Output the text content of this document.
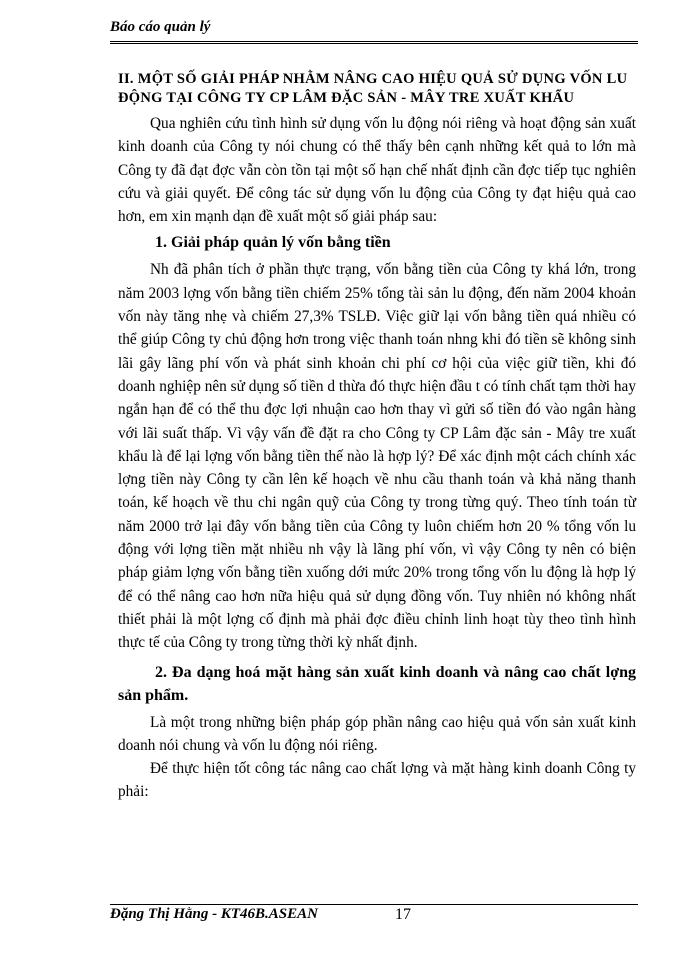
Báo cáo quản lý
II. MỘT SỐ GIẢI PHÁP NHẰM NÂNG CAO HIỆU QUẢ SỬ DỤNG VỐN LU ĐỘNG TẠI CÔNG TY CP LÂM ĐẶC SẢN - MÂY TRE XUẤT KHẨU

Qua nghiên cứu tình hình sử dụng vốn lu động nói riêng và hoạt động sản xuất kinh doanh của Công ty nói chung có thể thấy bên cạnh những kết quả to lớn mà Công ty đã đạt đợc vẫn còn tồn tại một số hạn chế nhất định cần đợc tiếp tục nghiên cứu và giải quyết. Để công tác sử dụng vốn lu động của Công ty đạt hiệu quả cao hơn, em xin mạnh dạn đề xuất một số giải pháp sau:

1. Giải pháp quản lý vốn bằng tiền

Nh đã phân tích ở phần thực trạng, vốn bằng tiền của Công ty khá lớn, trong năm 2003 lợng vốn bằng tiền chiếm 25% tổng tài sản lu động, đến năm 2004 khoản vốn này tăng nhẹ và chiếm 27,3% TSLĐ. Việc giữ lại vốn bằng tiền quá nhiều có thể giúp Công ty chủ động hơn trong việc thanh toán nhng khi đó tiền sẽ không sinh lãi gây lãng phí vốn và phát sinh khoản chi phí cơ hội của việc giữ tiền, khi đó doanh nghiệp nên sử dụng số tiền d thừa đó thực hiện đầu t có tính chất tạm thời hay ngắn hạn để có thể thu đợc lợi nhuận cao hơn thay vì gửi số tiền đó vào ngân hàng với lãi suất thấp. Vì vậy vấn đề đặt ra cho Công ty CP Lâm đặc sản - Mây tre xuất khẩu là để lại lợng vốn bằng tiền thế nào là hợp lý? Để xác định một cách chính xác lợng tiền này Công ty cần lên kế hoạch về nhu cầu thanh toán và khả năng thanh toán, kế hoạch về thu chi ngân quỹ của Công ty trong từng quý. Theo tính toán từ năm 2000 trở lại đây vốn bằng tiền của Công ty luôn chiếm hơn 20 % tổng vốn lu động với lợng tiền mặt nhiều nh vậy là lãng phí vốn, vì vậy Công ty nên có biện pháp giảm lợng vốn bằng tiền xuống dới mức 20% trong tổng vốn lu động là hợp lý để có thể nâng cao hơn nữa hiệu quả sử dụng đồng vốn. Tuy nhiên nó không nhất thiết phải là một lợng cố định mà phải đợc điều chỉnh linh hoạt tùy theo tình hình thực tế của Công ty trong từng thời kỳ nhất định.

2. Đa dạng hoá mặt hàng sản xuất kinh doanh và nâng cao chất lợng sản phẩm.

Là một trong những biện pháp góp phần nâng cao hiệu quả vốn sản xuất kinh doanh nói chung và vốn lu động nói riêng.

Để thực hiện tốt công tác nâng cao chất lợng và mặt hàng kinh doanh Công ty phải:

Đặng Thị Hằng - KT46B.ASEAN	17
